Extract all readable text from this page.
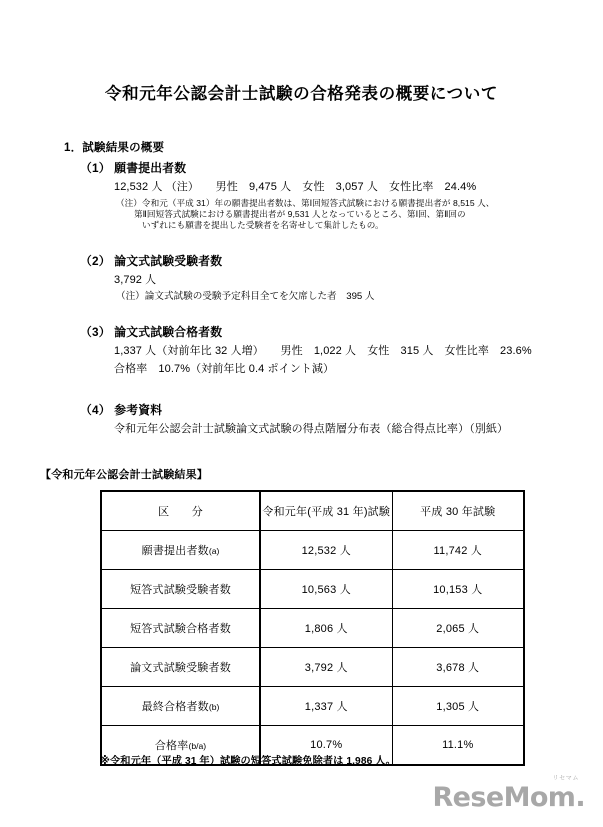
令和元年公認会計士試験の合格発表の概要について
1．試験結果の概要
（1） 願書提出者数
12,532 人 （注）　　男性　9,475 人　女性　3,057 人　女性比率　24.4%
（注）令和元（平成 31）年の願書提出者数は、第Ⅰ回短答式試験における願書提出者が 8,515 人、
第Ⅱ回短答式試験における願書提出者が 9,531 人となっているところ、第Ⅰ回、第Ⅱ回の
いずれにも願書を提出した受験者を名寄せして集計したもの。
（2） 論文式試験受験者数
3,792 人
（注）論文式試験の受験予定科目全てを欠席した者　395 人
（3） 論文式試験合格者数
1,337 人（対前年比 32 人増）　　男性　1,022 人　女性　315 人　女性比率　23.6%
合格率　10.7%（対前年比 0.4 ポイント減）
（4） 参考資料
令和元年公認会計士試験論文式試験の得点階層分布表（総合得点比率）（別紙）
【令和元年公認会計士試験結果】
区　　分	令和元年(平成 31 年)試験	平成 30 年試験
願書提出者数(a)	12,532 人	11,742 人
短答式試験受験者数	10,563 人	10,153 人
短答式試験合格者数	1,806 人	2,065 人
論文式試験受験者数	3,792 人	3,678 人
最終合格者数(b)	1,337 人	1,305 人
合格率(b/a)	10.7%	11.1%
※令和元年（平成 31 年）試験の短答式試験免除者は 1,986 人。
リセマム
ReseMom.
